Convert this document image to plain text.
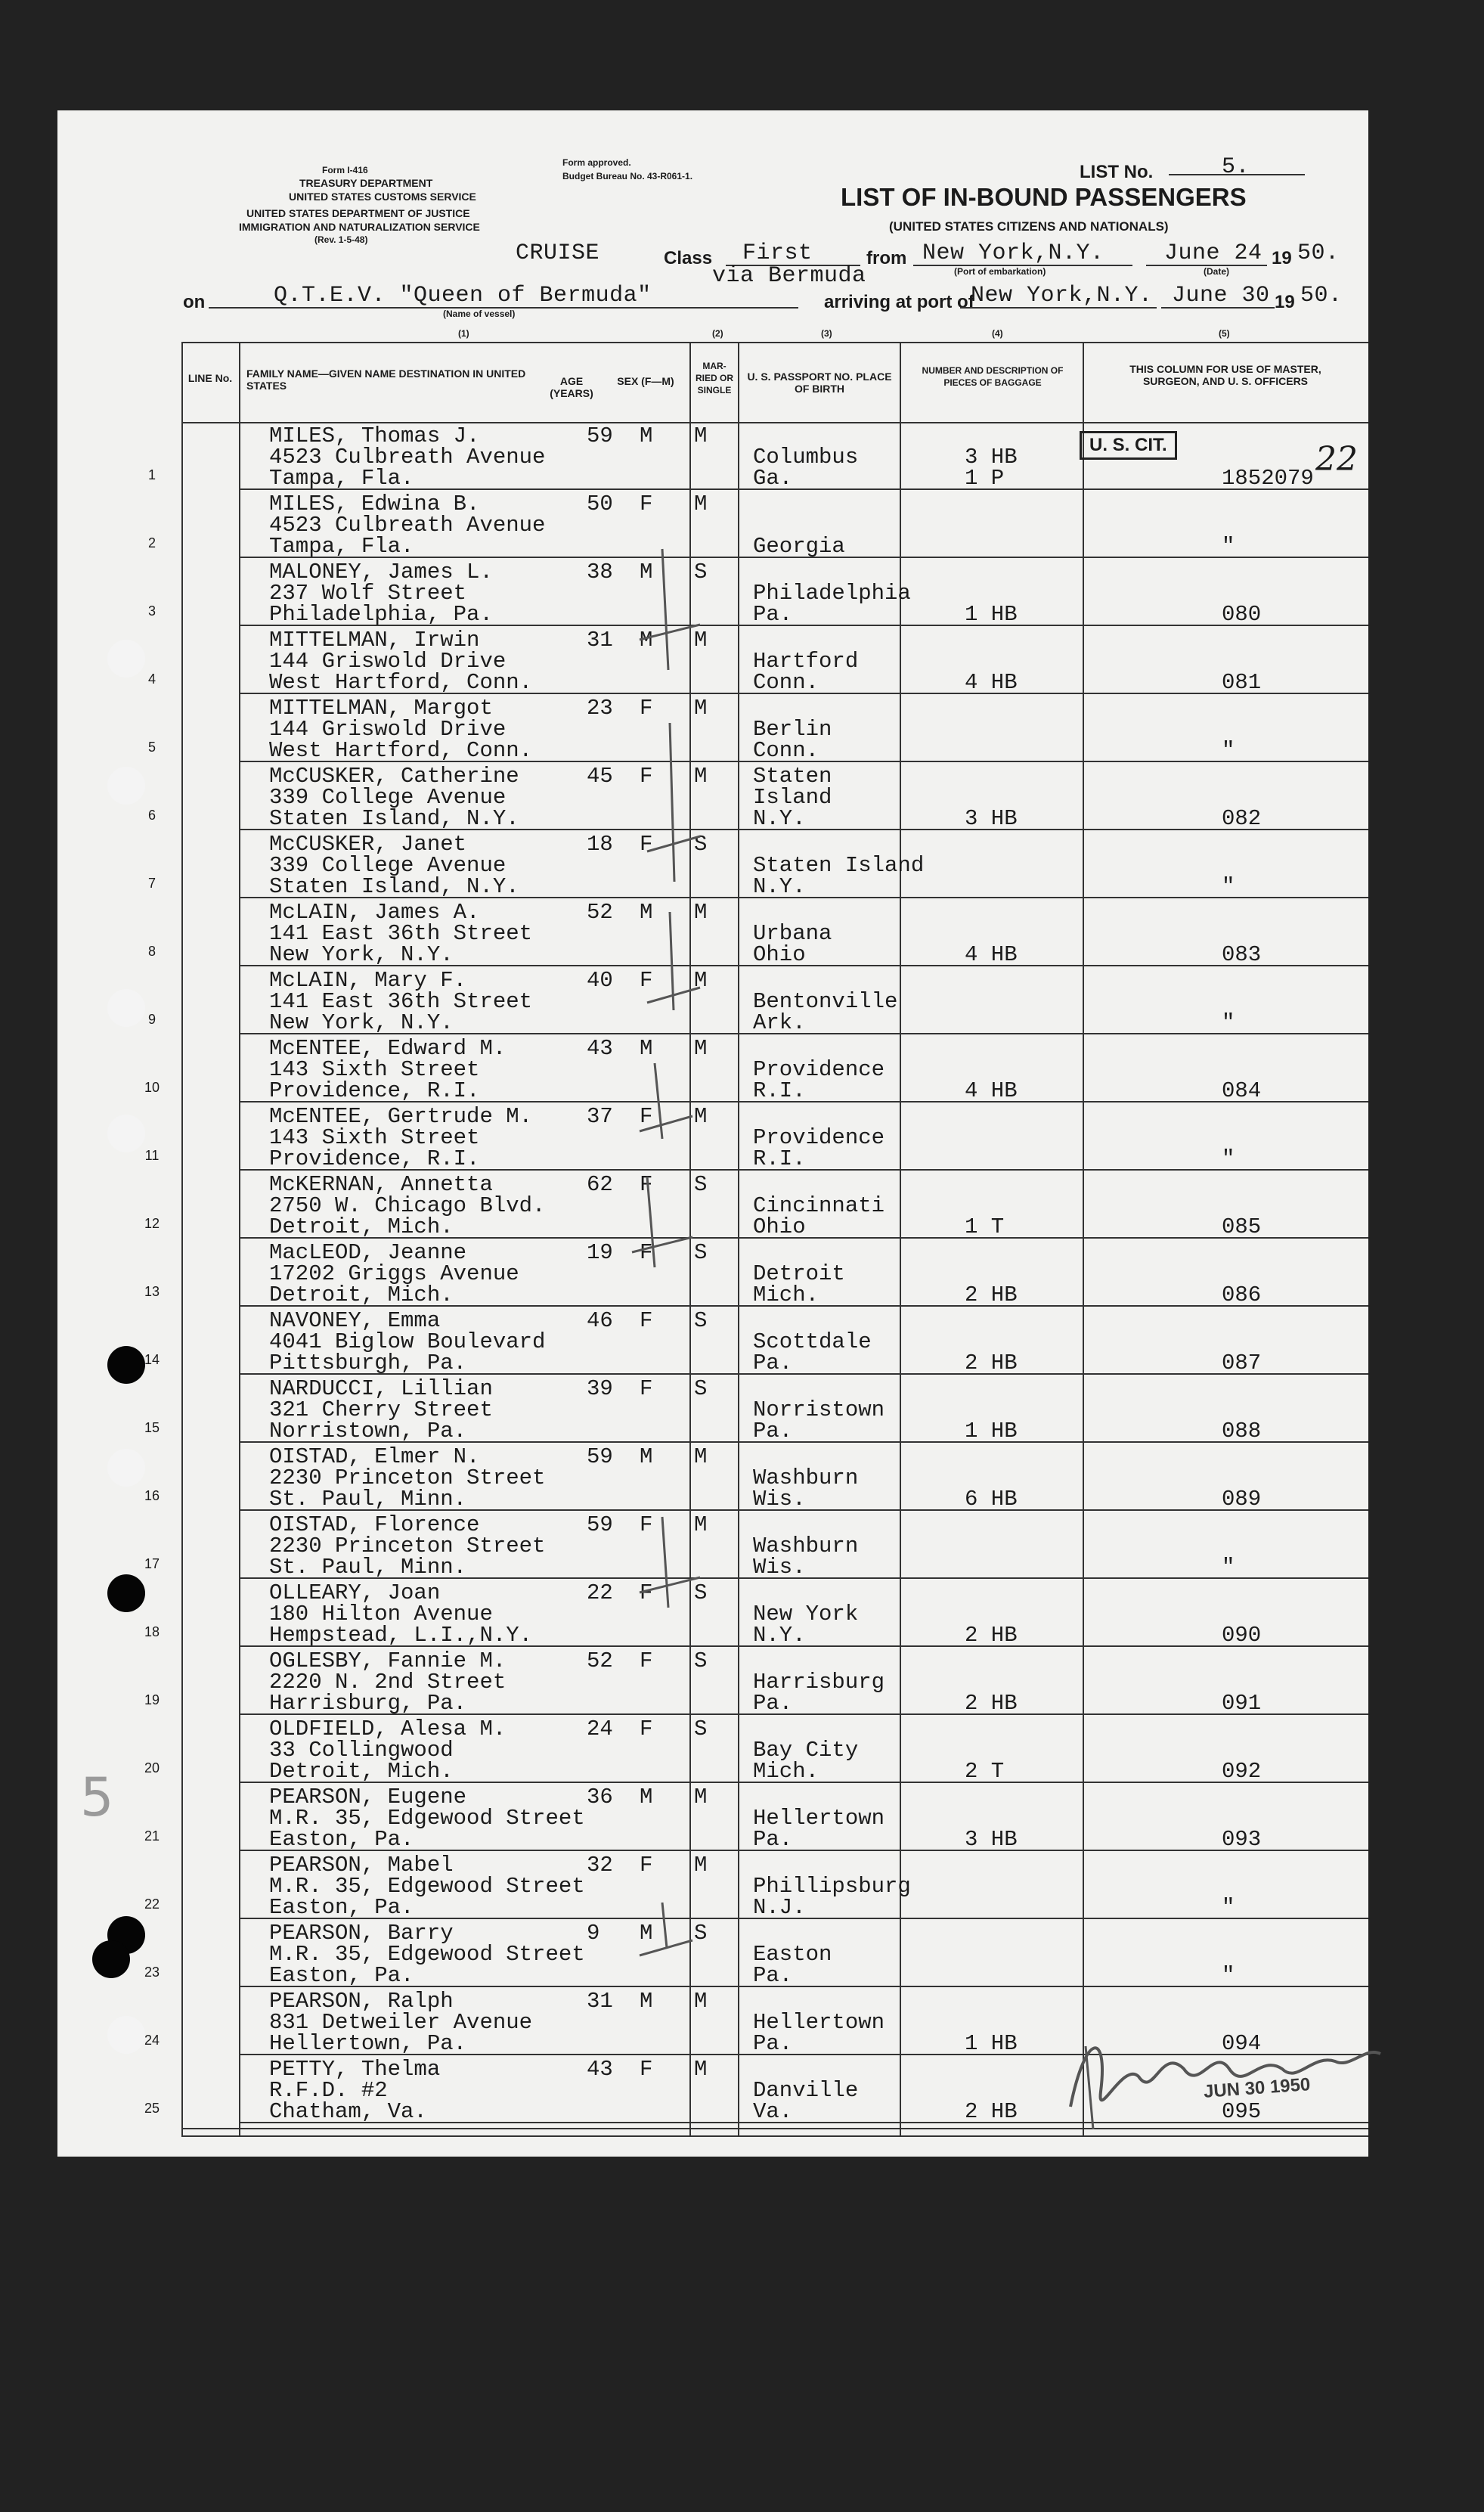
Form I-416
TREASURY DEPARTMENT
UNITED STATES CUSTOMS SERVICE
UNITED STATES DEPARTMENT OF JUSTICE
IMMIGRATION AND NATURALIZATION SERVICE
(Rev. 1-5-48)
Form approved.
Budget Bureau No. 43-R061-1.	LIST No.	5.
LIST OF IN-BOUND PASSENGERS
(UNITED STATES CITIZENS AND NATIONALS)
CRUISE	Class First
via Bermuda
from New York,N.Y.
(Port of embarkation)
June 24
(Date)
19 50.
on	Q.T.E.V. "Queen of Bermuda"
(Name of vessel)
arriving at port of
New York,N.Y. June 30 19 50.
(1)	(2)	(3)	(4)	(5)
LINE No. FAMILY NAME—GIVEN NAME DESTINATION IN UNITED STATES	AGE (YEARS)
SEX (F—M)
MAR-RIED OR SINGLE
U. S. PASSPORT NO. PLACE OF BIRTH
NUMBER AND DESCRIPTION OF PIECES OF BAGGAGE
THIS COLUMN FOR USE OF MASTER, SURGEON, AND U. S. OFFICERS
MILES, Thomas J.
4523 Culbreath Avenue
Tampa, Fla.
59 M M
Columbus
Ga.
3 HB
1 P	1852079
1
MILES, Edwina B.
4523 Culbreath Avenue
Tampa, Fla.
50 F M
Georgia	"
2
MALONEY, James L.
237 Wolf Street
Philadelphia, Pa.
38 M S
Philadelphia
Pa.	1 HB	080
3
MITTELMAN, Irwin
144 Griswold Drive
West Hartford, Conn.
31 M M
Hartford
Conn.	4 HB	081
4
MITTELMAN, Margot
144 Griswold Drive
West Hartford, Conn.
23 F M
Berlin
Conn.	"
5
McCUSKER, Catherine
339 College Avenue
Staten Island, N.Y.
45 F M
Island
N.Y.	3 HB	082
Staten
6
McCUSKER, Janet
339 College Avenue
Staten Island, N.Y.
18 F S
Staten Island
N.Y.	"
7
McLAIN, James A.
141 East 36th Street
New York, N.Y.
52 M M
Urbana
Ohio	4 HB	083
8
McLAIN, Mary F.
141 East 36th Street
New York, N.Y.
40 F M
Bentonville
Ark.	"
9
McENTEE, Edward M.
143 Sixth Street
Providence, R.I.
43 M M
Providence
R.I.	4 HB	084
10
McENTEE, Gertrude M.
143 Sixth Street
Providence, R.I.
37 F M
Providence
R.I.	"
11
McKERNAN, Annetta
2750 W. Chicago Blvd.
Detroit, Mich.
62 F S
Cincinnati
Ohio	1 T	085
12
MacLEOD, Jeanne
17202 Griggs Avenue
Detroit, Mich.
19 F S
Detroit
Mich.	2 HB	086
13
NAVONEY, Emma
4041 Biglow Boulevard
Pittsburgh, Pa.
46 F S
Scottdale
Pa.	2 HB	087
14
NARDUCCI, Lillian
321 Cherry Street
Norristown, Pa.
39 F S
Norristown
Pa.	1 HB	088
15
OISTAD, Elmer N.
2230 Princeton Street
St. Paul, Minn.
59 M M
Washburn
Wis.	6 HB	089
16
OISTAD, Florence
2230 Princeton Street
St. Paul, Minn.
59 F M
Washburn
Wis.	"
17
OLLEARY, Joan
180 Hilton Avenue
Hempstead, L.I.,N.Y.
22 F S
New York
N.Y.	2 HB	090
18
OGLESBY, Fannie M.
2220 N. 2nd Street
Harrisburg, Pa.
52 F S
Harrisburg
Pa.	2 HB	091
19
OLDFIELD, Alesa M.
33 Collingwood
Detroit, Mich.
24 F S
Bay City
Mich.	2 T	092
20
PEARSON, Eugene
M.R. 35, Edgewood Street
Easton, Pa.
36 M M
Hellertown
Pa.	3 HB	093
21
PEARSON, Mabel
M.R. 35, Edgewood Street
Easton, Pa.
32 F M
Phillipsburg
N.J.	"
22
PEARSON, Barry
M.R. 35, Edgewood Street
Easton, Pa.
9 M S
Easton
Pa.	"
23
PEARSON, Ralph
831 Detweiler Avenue
Hellertown, Pa.
31 M M
Hellertown
Pa.	1 HB	094
24
PETTY, Thelma
R.F.D. #2
Chatham, Va.
43 F M
Danville
Va.	2 HB	095
25
U. S. CIT.	22
5
JUN 30 1950
